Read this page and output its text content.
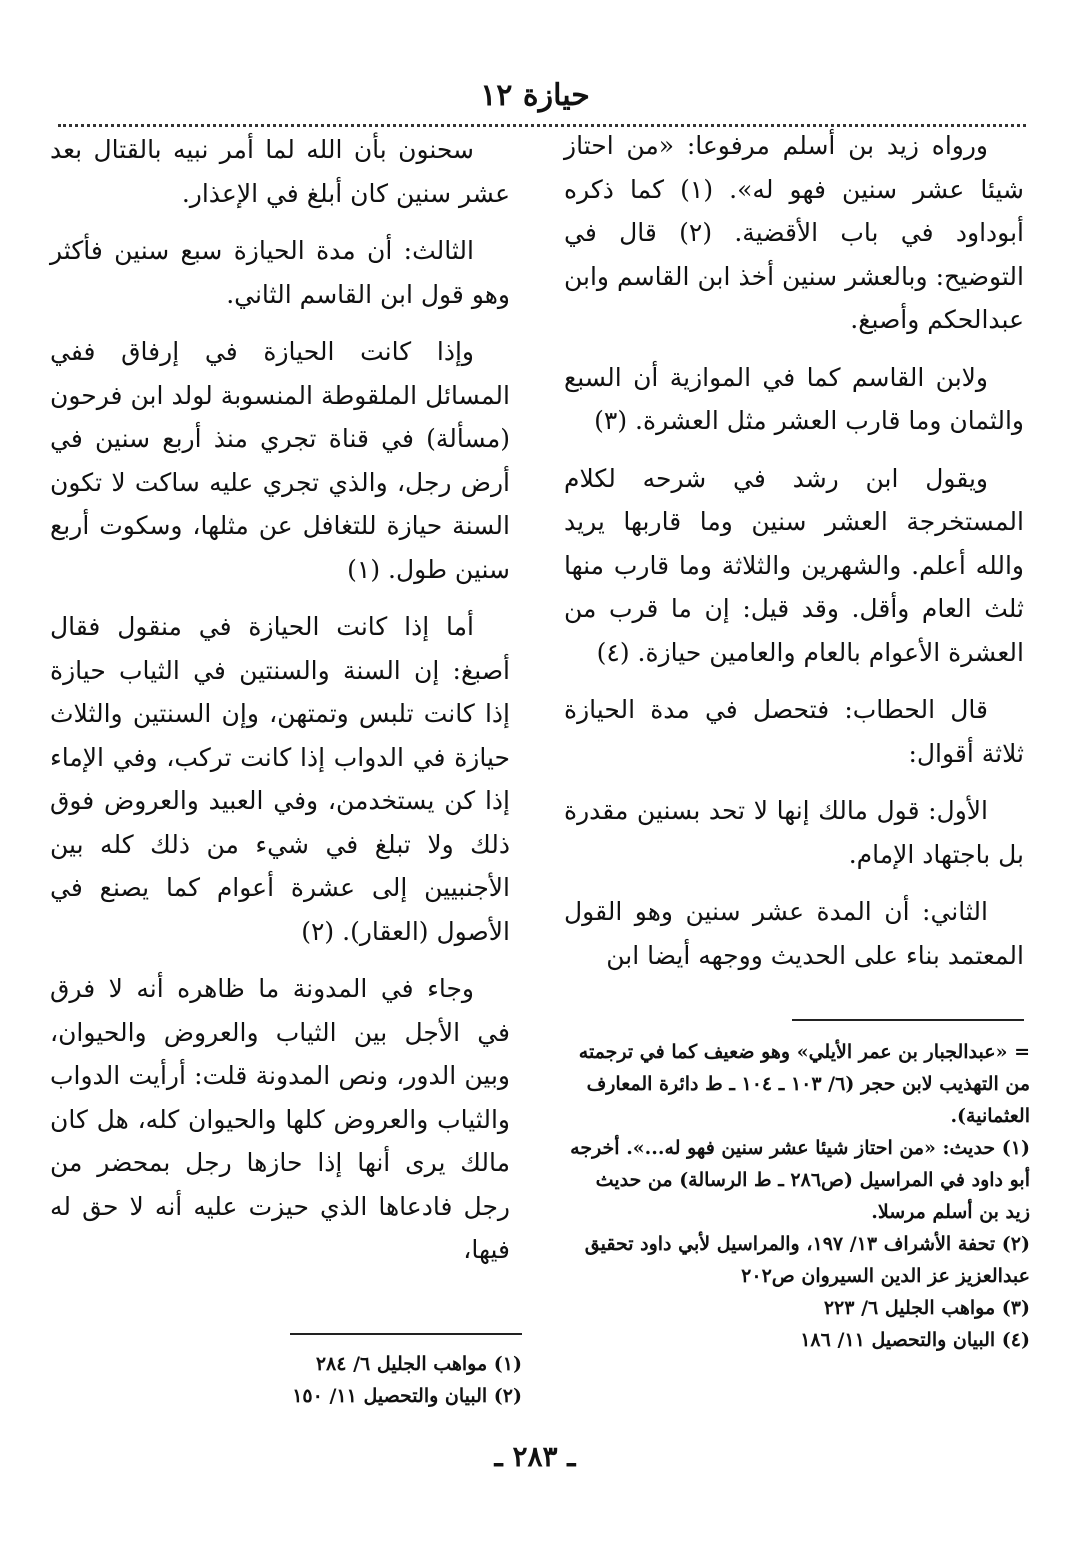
حيازة ١٢

ورواه زيد بن أسلم مرفوعا: «من احتاز شيئا عشر سنين فهو له». (١) كما ذكره أبوداود في باب الأقضية. (٢) قال في التوضيح: وبالعشر سنين أخذ ابن القاسم وابن عبدالحكم وأصبغ.

ولابن القاسم كما في الموازية أن السبع والثمان وما قارب العشر مثل العشرة. (٣)

ويقول ابن رشد في شرحه لكلام المستخرجة العشر سنين وما قاربها يريد والله أعلم. والشهرين والثلاثة وما قارب منها ثلث العام وأقل. وقد قيل: إن ما قرب من العشرة الأعوام بالعام والعامين حيازة. (٤)

قال الحطاب: فتحصل في مدة الحيازة ثلاثة أقوال:

الأول: قول مالك إنها لا تحد بسنين مقدرة بل باجتهاد الإمام.

الثاني: أن المدة عشر سنين وهو القول المعتمد بناء على الحديث ووجهه أيضا ابن

سحنون بأن الله لما أمر نبيه بالقتال بعد عشر سنين كان أبلغ في الإعذار.

الثالث: أن مدة الحيازة سبع سنين فأكثر وهو قول ابن القاسم الثاني.

وإذا كانت الحيازة في إرفاق ففي المسائل الملقوطة المنسوبة لولد ابن فرحون (مسألة) في قناة تجري منذ أربع سنين في أرض رجل، والذي تجري عليه ساكت لا تكون السنة حيازة للتغافل عن مثلها، وسكوت أربع سنين طول. (١)

أما إذا كانت الحيازة في منقول فقال أصبغ: إن السنة والسنتين في الثياب حيازة إذا كانت تلبس وتمتهن، وإن السنتين والثلاث حيازة في الدواب إذا كانت تركب، وفي الإماء إذا كن يستخدمن، وفي العبيد والعروض فوق ذلك ولا تبلغ في شيء من ذلك كله بين الأجنبيين إلى عشرة أعوام كما يصنع في الأصول (العقار). (٢)

وجاء في المدونة ما ظاهره أنه لا فرق في الأجل بين الثياب والعروض والحيوان، وبين الدور، ونص المدونة قلت: أرأيت الدواب والثياب والعروض كلها والحيوان كله، هل كان مالك يرى أنها إذا حازها رجل بمحضر من رجل فادعاها الذي حيزت عليه أنه لا حق له فيها،

= «عبدالجبار بن عمر الأيلي» وهو ضعيف كما في ترجمته من التهذيب لابن حجر (٦/ ١٠٣ ـ ١٠٤ ـ ط دائرة المعارف العثمانية).

(١) حديث: «من احتاز شيئا عشر سنين فهو له...». أخرجه أبو داود في المراسيل (ص٢٨٦ ـ ط الرسالة) من حديث زيد بن أسلم مرسلا.

(٢) تحفة الأشراف ١٣/ ١٩٧، والمراسيل لأبي داود تحقيق عبدالعزيز عز الدين السيروان ص٢٠٢

(٣) مواهب الجليل ٦/ ٢٢٣

(٤) البيان والتحصيل ١١/ ١٨٦

(١) مواهب الجليل ٦/ ٢٨٤

(٢) البيان والتحصيل ١١/ ١٥٠

ـ ٢٨٣ ـ
